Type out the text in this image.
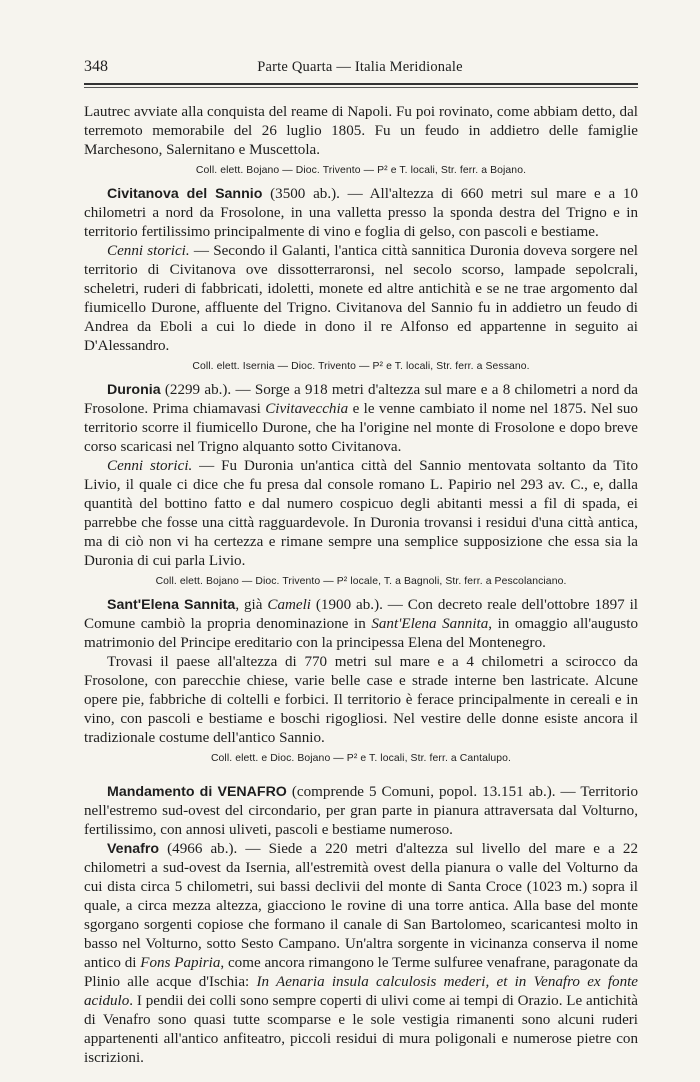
348	Parte Quarta — Italia Meridionale

Lautrec avviate alla conquista del reame di Napoli. Fu poi rovinato, come abbiam detto, dal terremoto memorabile del 26 luglio 1805. Fu un feudo in addietro delle famiglie Marchesono, Salernitano e Muscettola.

Coll. elett. Bojano — Dioc. Trivento — P² e T. locali, Str. ferr. a Bojano.

Civitanova del Sannio (3500 ab.). — All'altezza di 660 metri sul mare e a 10 chilometri a nord da Frosolone, in una valletta presso la sponda destra del Trigno e in territorio fertilissimo principalmente di vino e foglia di gelso, con pascoli e bestiame.

Cenni storici. — Secondo il Galanti, l'antica città sannitica Duronia doveva sorgere nel territorio di Civitanova ove dissotterraronsi, nel secolo scorso, lampade sepolcrali, scheletri, ruderi di fabbricati, idoletti, monete ed altre antichità e se ne trae argomento dal fiumicello Durone, affluente del Trigno. Civitanova del Sannio fu in addietro un feudo di Andrea da Eboli a cui lo diede in dono il re Alfonso ed appartenne in seguito ai D'Alessandro.

Coll. elett. Isernia — Dioc. Trivento — P² e T. locali, Str. ferr. a Sessano.

Duronia (2299 ab.). — Sorge a 918 metri d'altezza sul mare e a 8 chilometri a nord da Frosolone. Prima chiamavasi Civitavecchia e le venne cambiato il nome nel 1875. Nel suo territorio scorre il fiumicello Durone, che ha l'origine nel monte di Frosolone e dopo breve corso scaricasi nel Trigno alquanto sotto Civitanova.

Cenni storici. — Fu Duronia un'antica città del Sannio mentovata soltanto da Tito Livio, il quale ci dice che fu presa dal console romano L. Papirio nel 293 av. C., e, dalla quantità del bottino fatto e dal numero cospicuo degli abitanti messi a fil di spada, ei parrebbe che fosse una città ragguardevole. In Duronia trovansi i residui d'una città antica, ma di ciò non vi ha certezza e rimane sempre una semplice supposizione che essa sia la Duronia di cui parla Livio.

Coll. elett. Bojano — Dioc. Trivento — P² locale, T. a Bagnoli, Str. ferr. a Pescolanciano.

Sant'Elena Sannita, già Cameli (1900 ab.). — Con decreto reale dell'ottobre 1897 il Comune cambiò la propria denominazione in Sant'Elena Sannita, in omaggio all'augusto matrimonio del Principe ereditario con la principessa Elena del Montenegro.

Trovasi il paese all'altezza di 770 metri sul mare e a 4 chilometri a scirocco da Frosolone, con parecchie chiese, varie belle case e strade interne ben lastricate. Alcune opere pie, fabbriche di coltelli e forbici. Il territorio è ferace principalmente in cereali e in vino, con pascoli e bestiame e boschi rigogliosi. Nel vestire delle donne esiste ancora il tradizionale costume dell'antico Sannio.

Coll. elett. e Dioc. Bojano — P² e T. locali, Str. ferr. a Cantalupo.

Mandamento di VENAFRO (comprende 5 Comuni, popol. 13.151 ab.). — Territorio nell'estremo sud-ovest del circondario, per gran parte in pianura attraversata dal Volturno, fertilissimo, con annosi uliveti, pascoli e bestiame numeroso.

Venafro (4966 ab.). — Siede a 220 metri d'altezza sul livello del mare e a 22 chilometri a sud-ovest da Isernia, all'estremità ovest della pianura o valle del Volturno da cui dista circa 5 chilometri, sui bassi declivii del monte di Santa Croce (1023 m.) sopra il quale, a circa mezza altezza, giacciono le rovine di una torre antica. Alla base del monte sgorgano sorgenti copiose che formano il canale di San Bartolomeo, scaricantesi molto in basso nel Volturno, sotto Sesto Campano. Un'altra sorgente in vicinanza conserva il nome antico di Fons Papiria, come ancora rimangono le Terme sulfuree venafrane, paragonate da Plinio alle acque d'Ischia: In Aenaria insula calculosis mederi, et in Venafro ex fonte acidulo. I pendii dei colli sono sempre coperti di ulivi come ai tempi di Orazio. Le antichità di Venafro sono quasi tutte scomparse e le sole vestigia rimanenti sono alcuni ruderi appartenenti all'antico anfiteatro, piccoli residui di mura poligonali e numerose pietre con iscrizioni.
